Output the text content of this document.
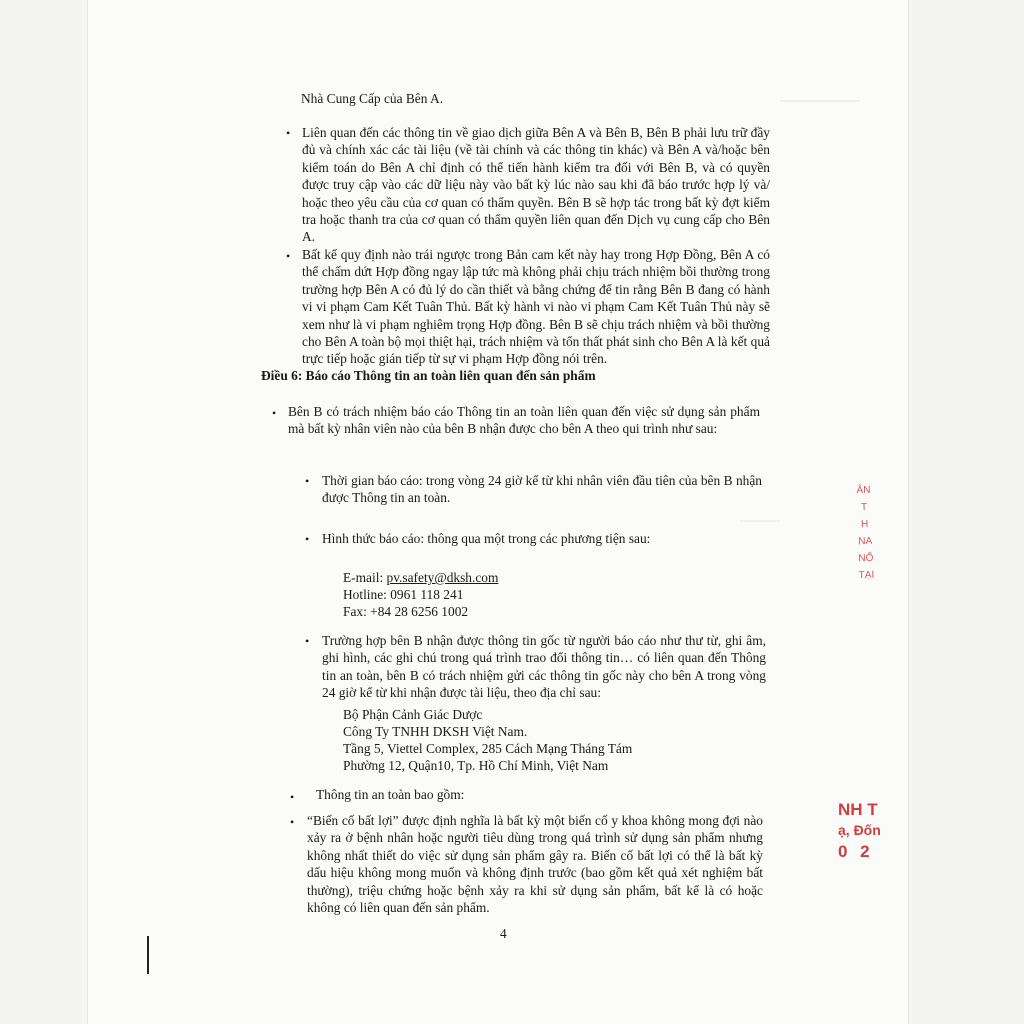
Nhà Cung Cấp của Bên A.
• Liên quan đến các thông tin về giao dịch giữa Bên A và Bên B, Bên B phải lưu trữ đầy đủ và chính xác các tài liệu (về tài chính và các thông tin khác) và Bên A và/hoặc bên kiểm toán do Bên A chỉ định có thể tiến hành kiểm tra đối với Bên B, và có quyền được truy cập vào các dữ liệu này vào bất kỳ lúc nào sau khi đã báo trước hợp lý và/ hoặc theo yêu cầu của cơ quan có thẩm quyền. Bên B sẽ hợp tác trong bất kỳ đợt kiểm tra hoặc thanh tra của cơ quan có thẩm quyền liên quan đến Dịch vụ cung cấp cho Bên A.
• Bất kể quy định nào trái ngược trong Bản cam kết này hay trong Hợp Đồng, Bên A có thể chấm dứt Hợp đồng ngay lập tức mà không phải chịu trách nhiệm bồi thường trong trường hợp Bên A có đủ lý do cần thiết và bằng chứng để tin rằng Bên B đang có hành vi vi phạm Cam Kết Tuân Thủ. Bất kỳ hành vi nào vi phạm Cam Kết Tuân Thủ này sẽ xem như là vi phạm nghiêm trọng Hợp đồng. Bên B sẽ chịu trách nhiệm và bồi thường cho Bên A toàn bộ mọi thiệt hại, trách nhiệm và tổn thất phát sinh cho Bên A là kết quả trực tiếp hoặc gián tiếp từ sự vi phạm Hợp đồng nói trên.
Điều 6: Báo cáo Thông tin an toàn liên quan đến sản phẩm
• Bên B có trách nhiệm báo cáo Thông tin an toàn liên quan đến việc sử dụng sản phẩm mà bất kỳ nhân viên nào của bên B nhận được cho bên A theo qui trình như sau:
• Thời gian báo cáo: trong vòng 24 giờ kể từ khi nhân viên đầu tiên của bên B nhận được Thông tin an toàn.
• Hình thức báo cáo: thông qua một trong các phương tiện sau:
E-mail: pv.safety@dksh.com
Hotline: 0961 118 241
Fax: +84 28 6256 1002
• Trường hợp bên B nhận được thông tin gốc từ người báo cáo như thư từ, ghi âm, ghi hình, các ghi chú trong quá trình trao đổi thông tin… có liên quan đến Thông tin an toàn, bên B có trách nhiệm gửi các thông tin gốc này cho bên A trong vòng 24 giờ kể từ khi nhận được tài liệu, theo địa chỉ sau:
Bộ Phận Cảnh Giác Dược
Công Ty TNHH DKSH Việt Nam.
Tầng 5, Viettel Complex, 285 Cách Mạng Tháng Tám
Phường 12, Quận10, Tp. Hồ Chí Minh, Việt Nam
• Thông tin an toàn bao gồm:
• “Biến cố bất lợi” được định nghĩa là bất kỳ một biến cố y khoa không mong đợi nào xảy ra ở bệnh nhân hoặc người tiêu dùng trong quá trình sử dụng sản phẩm nhưng không nhất thiết do việc sử dụng sản phẩm gây ra. Biến cố bất lợi có thể là bất kỳ dấu hiệu không mong muốn và không định trước (bao gồm kết quả xét nghiệm bất thường), triệu chứng hoặc bệnh xảy ra khi sử dụng sản phẩm, bất kể là có hoặc không có liên quan đến sản phẩm.
4
ÂN
T
H
NA
NỐ
TẠI
NH T
ạ, Đốn
0 2
